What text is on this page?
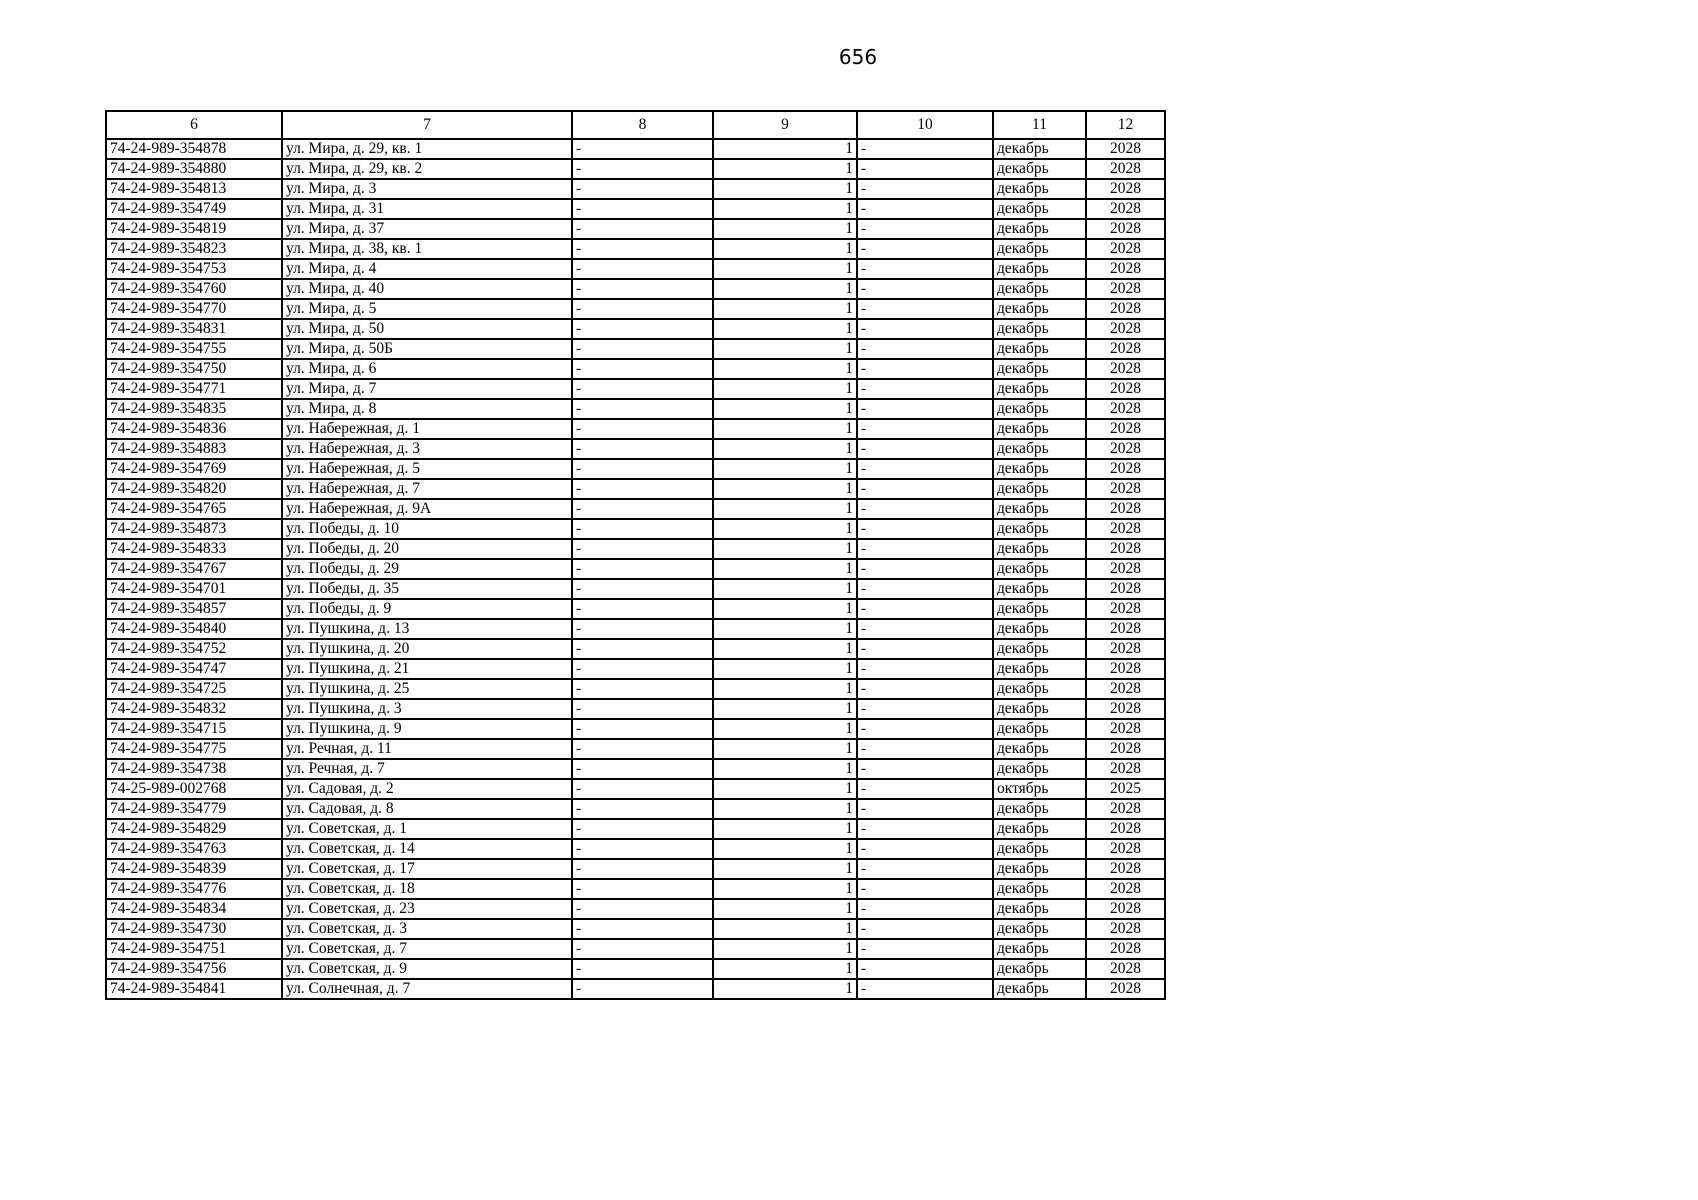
656
6	7	8	9	10	11	12
74-24-989-354878	ул. Мира, д. 29, кв. 1	-	1	-	декабрь	2028
74-24-989-354880	ул. Мира, д. 29, кв. 2	-	1	-	декабрь	2028
74-24-989-354813	ул. Мира, д. 3	-	1	-	декабрь	2028
74-24-989-354749	ул. Мира, д. 31	-	1	-	декабрь	2028
74-24-989-354819	ул. Мира, д. 37	-	1	-	декабрь	2028
74-24-989-354823	ул. Мира, д. 38, кв. 1	-	1	-	декабрь	2028
74-24-989-354753	ул. Мира, д. 4	-	1	-	декабрь	2028
74-24-989-354760	ул. Мира, д. 40	-	1	-	декабрь	2028
74-24-989-354770	ул. Мира, д. 5	-	1	-	декабрь	2028
74-24-989-354831	ул. Мира, д. 50	-	1	-	декабрь	2028
74-24-989-354755	ул. Мира, д. 50Б	-	1	-	декабрь	2028
74-24-989-354750	ул. Мира, д. 6	-	1	-	декабрь	2028
74-24-989-354771	ул. Мира, д. 7	-	1	-	декабрь	2028
74-24-989-354835	ул. Мира, д. 8	-	1	-	декабрь	2028
74-24-989-354836	ул. Набережная, д. 1	-	1	-	декабрь	2028
74-24-989-354883	ул. Набережная, д. 3	-	1	-	декабрь	2028
74-24-989-354769	ул. Набережная, д. 5	-	1	-	декабрь	2028
74-24-989-354820	ул. Набережная, д. 7	-	1	-	декабрь	2028
74-24-989-354765	ул. Набережная, д. 9А	-	1	-	декабрь	2028
74-24-989-354873	ул. Победы, д. 10	-	1	-	декабрь	2028
74-24-989-354833	ул. Победы, д. 20	-	1	-	декабрь	2028
74-24-989-354767	ул. Победы, д. 29	-	1	-	декабрь	2028
74-24-989-354701	ул. Победы, д. 35	-	1	-	декабрь	2028
74-24-989-354857	ул. Победы, д. 9	-	1	-	декабрь	2028
74-24-989-354840	ул. Пушкина, д. 13	-	1	-	декабрь	2028
74-24-989-354752	ул. Пушкина, д. 20	-	1	-	декабрь	2028
74-24-989-354747	ул. Пушкина, д. 21	-	1	-	декабрь	2028
74-24-989-354725	ул. Пушкина, д. 25	-	1	-	декабрь	2028
74-24-989-354832	ул. Пушкина, д. 3	-	1	-	декабрь	2028
74-24-989-354715	ул. Пушкина, д. 9	-	1	-	декабрь	2028
74-24-989-354775	ул. Речная, д. 11	-	1	-	декабрь	2028
74-24-989-354738	ул. Речная, д. 7	-	1	-	декабрь	2028
74-25-989-002768	ул. Садовая, д. 2	-	1	-	октябрь	2025
74-24-989-354779	ул. Садовая, д. 8	-	1	-	декабрь	2028
74-24-989-354829	ул. Советская, д. 1	-	1	-	декабрь	2028
74-24-989-354763	ул. Советская, д. 14	-	1	-	декабрь	2028
74-24-989-354839	ул. Советская, д. 17	-	1	-	декабрь	2028
74-24-989-354776	ул. Советская, д. 18	-	1	-	декабрь	2028
74-24-989-354834	ул. Советская, д. 23	-	1	-	декабрь	2028
74-24-989-354730	ул. Советская, д. 3	-	1	-	декабрь	2028
74-24-989-354751	ул. Советская, д. 7	-	1	-	декабрь	2028
74-24-989-354756	ул. Советская, д. 9	-	1	-	декабрь	2028
74-24-989-354841	ул. Солнечная, д. 7	-	1	-	декабрь	2028
